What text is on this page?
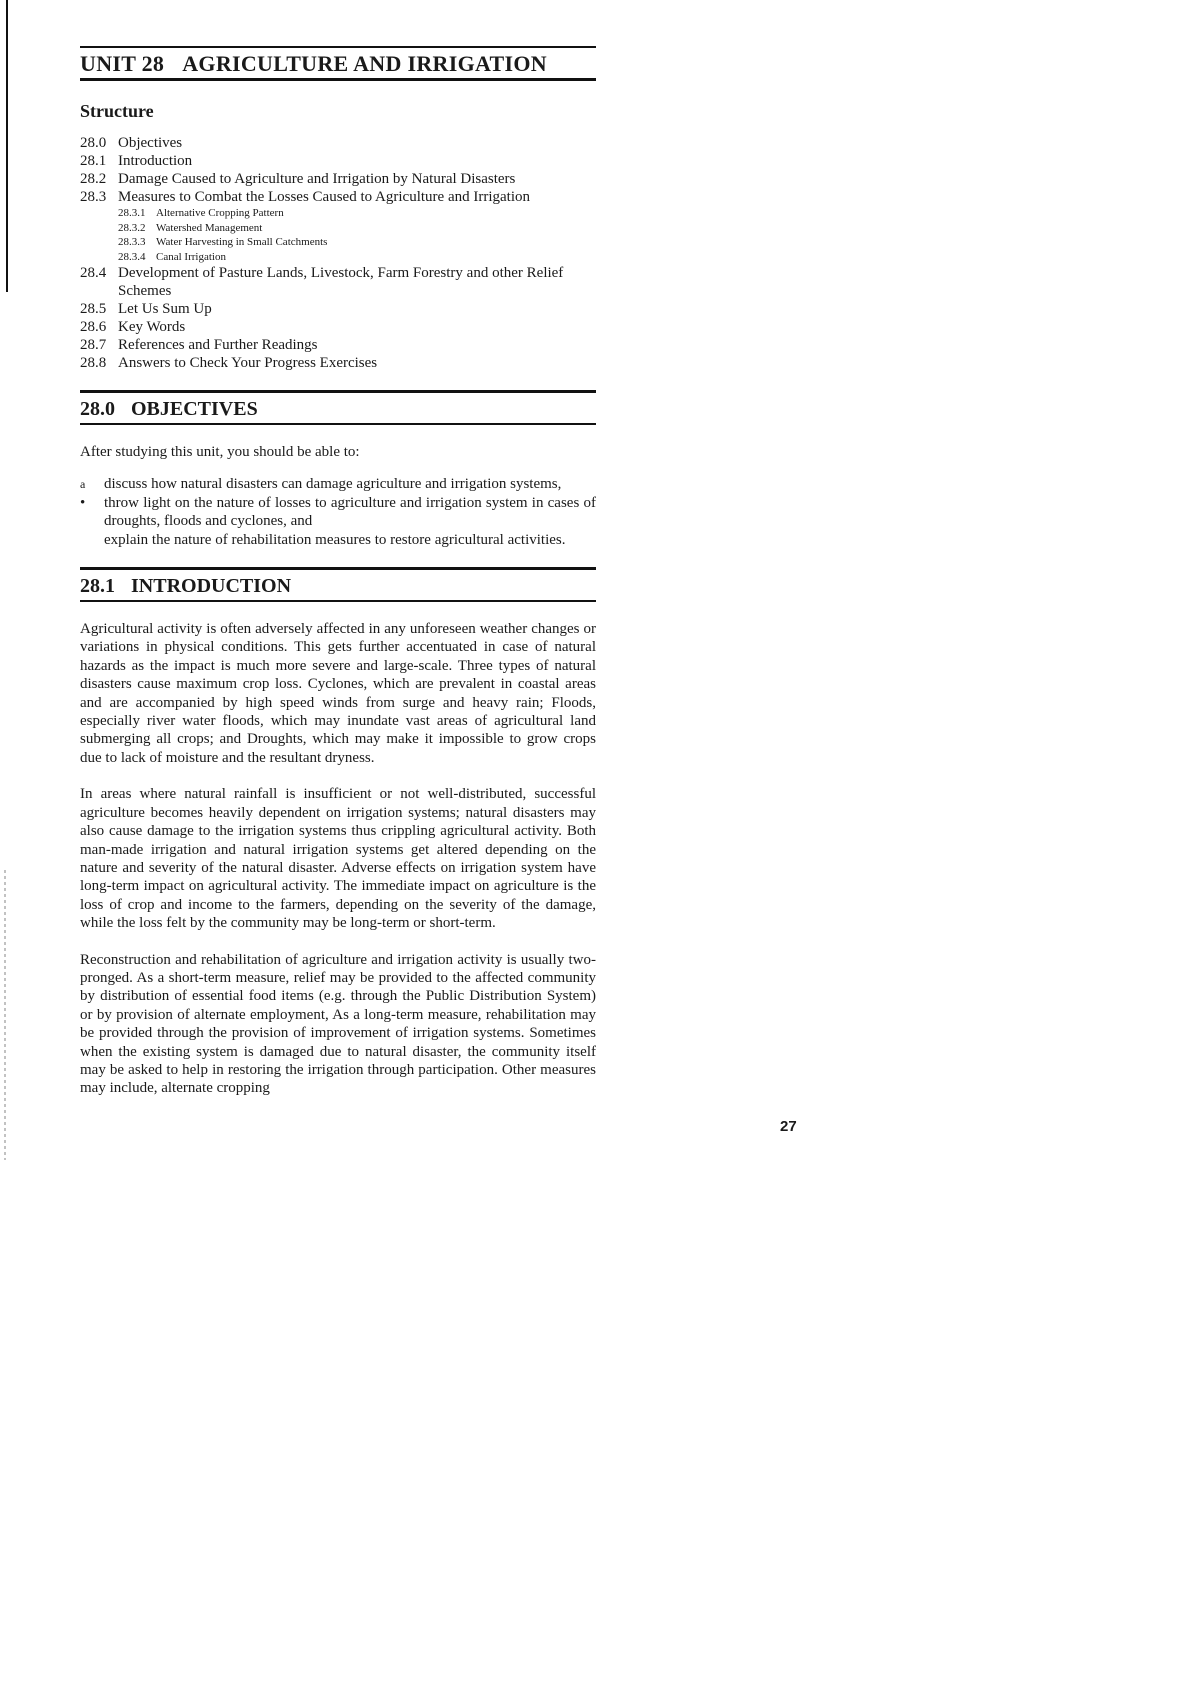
UNIT 28 AGRICULTURE AND IRRIGATION
Structure
28.0 Objectives
28.1 Introduction
28.2 Damage Caused to Agriculture and Irrigation by Natural Disasters
28.3 Measures to Combat the Losses Caused to Agriculture and Irrigation
28.3.1 Alternative Cropping Pattern
28.3.2 Watershed Management
28.3.3 Water Harvesting in Small Catchments
28.3.4 Canal Irrigation
28.4 Development of Pasture Lands, Livestock, Farm Forestry and other Relief Schemes
28.5 Let Us Sum Up
28.6 Key Words
28.7 References and Further Readings
28.8 Answers to Check Your Progress Exercises
28.0 OBJECTIVES

After studying this unit, you should be able to:

a	discuss how natural disasters can damage agriculture and irrigation systems,
•	throw light on the nature of losses to agriculture and irrigation system in cases of droughts, floods and cyclones, and
explain the nature of rehabilitation measures to restore agricultural activities.
28.1 INTRODUCTION

Agricultural activity is often adversely affected in any unforeseen weather changes or variations in physical conditions. This gets further accentuated in case of natural hazards as the impact is much more severe and large-scale. Three types of natural disasters cause maximum crop loss. Cyclones, which are prevalent in coastal areas and are accompanied by high speed winds from surge and heavy rain; Floods, especially river water floods, which may inundate vast areas of agricultural land submerging all crops; and Droughts, which may make it impossible to grow crops due to lack of moisture and the resultant dryness.

In areas where natural rainfall is insufficient or not well-distributed, successful agriculture becomes heavily dependent on irrigation systems; natural disasters may also cause damage to the irrigation systems thus crippling agricultural activity. Both man-made irrigation and natural irrigation systems get altered depending on the nature and severity of the natural disaster. Adverse effects on irrigation system have long-term impact on agricultural activity. The immediate impact on agriculture is the loss of crop and income to the farmers, depending on the severity of the damage, while the loss felt by the community may be long-term or short-term.

Reconstruction and rehabilitation of agriculture and irrigation activity is usually two-pronged. As a short-term measure, relief may be provided to the affected community by distribution of essential food items (e.g. through the Public Distribution System) or by provision of alternate employment, As a long-term measure, rehabilitation may be provided through the provision of improvement of irrigation systems. Sometimes when the existing system is damaged due to natural disaster, the community itself may be asked to help in restoring the irrigation through participation. Other measures may include, alternate cropping

27
